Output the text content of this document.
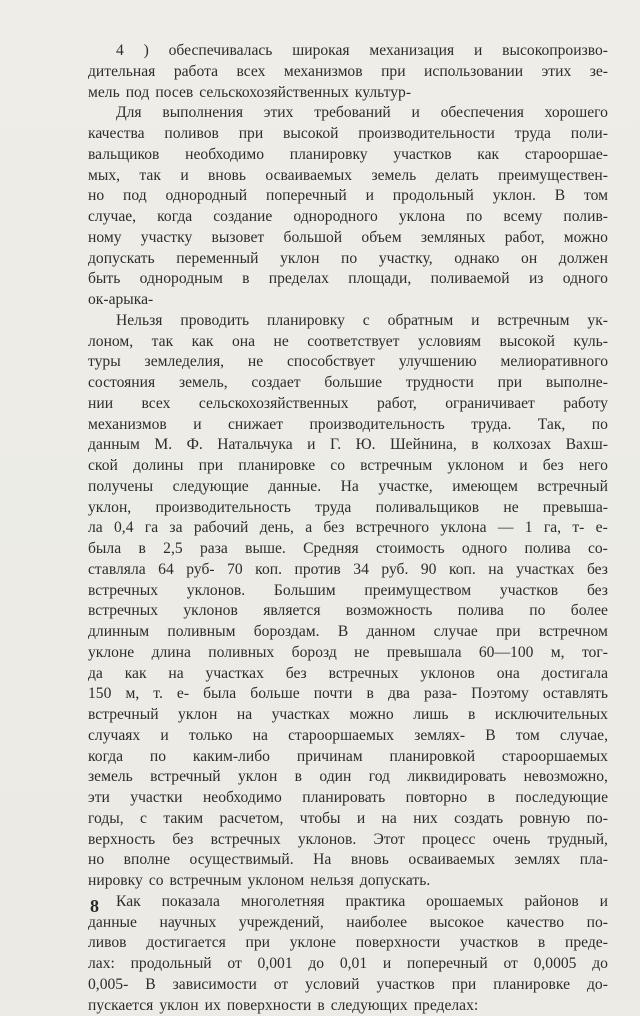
4 ) обеспечивалась широкая механизация и высокопроизво-
дительная работа всех механизмов при использовании этих зе-
мель под посев сельскохозяйственных культур-
Для выполнения этих требований и обеспечения хорошего
качества поливов при высокой производительности труда поли-
вальщиков необходимо планировку участков как старооршае-
мых, так и вновь осваиваемых земель делать преимуществен-
но под однородный поперечный и продольный уклон. В том
случае, когда создание однородного уклона по всему полив-
ному участку вызовет большой объем земляных работ, можно
допускать переменный уклон по участку, однако он должен
быть однородным в пределах площади, поливаемой из одного
ок-арыка-
Нельзя проводить планировку с обратным и встречным ук-
лоном, так как она не соответствует условиям высокой куль-
туры земледелия, не способствует улучшению мелиоративного
состояния земель, создает большие трудности при выполне-
нии всех сельскохозяйственных работ, ограничивает работу
механизмов и снижает производительность труда. Так, по
данным М. Ф. Натальчука и Г. Ю. Шейнина, в колхозах Вахш-
ской долины при планировке со встречным уклоном и без него
получены следующие данные. На участке, имеющем встречный
уклон, производительность труда поливальщиков не превыша-
ла 0,4 га за рабочий день, а без встречного уклона — 1 га, т- е-
была в 2,5 раза выше. Средняя стоимость одного полива со-
ставляла 64 руб- 70 коп. против 34 руб. 90 коп. на участках без
встречных уклонов. Большим преимуществом участков без
встречных уклонов является возможность полива по более
длинным поливным бороздам. В данном случае при встречном
уклоне длина поливных борозд не превышала 60—100 м, тог-
да как на участках без встречных уклонов она достигала
150 м, т. е- была больше почти в два раза- Поэтому оставлять
встречный уклон на участках можно лишь в исключительных
случаях и только на старооршаемых землях- В том случае,
когда по каким-либо причинам планировкой старооршаемых
земель встречный уклон в один год ликвидировать невозможно,
эти участки необходимо планировать повторно в последующие
годы, с таким расчетом, чтобы и на них создать ровную по-
верхность без встречных уклонов. Этот процесс очень трудный,
но вполне осуществимый. На вновь осваиваемых землях пла-
нировку со встречным уклоном нельзя допускать.
Как показала многолетняя практика орошаемых районов и
данные научных учреждений, наиболее высокое качество по-
ливов достигается при уклоне поверхности участков в преде-
лах: продольный от 0,001 до 0,01 и поперечный от 0,0005 до
0,005- В зависимости от условий участков при планировке до-
пускается уклон их поверхности в следующих пределах:
8
